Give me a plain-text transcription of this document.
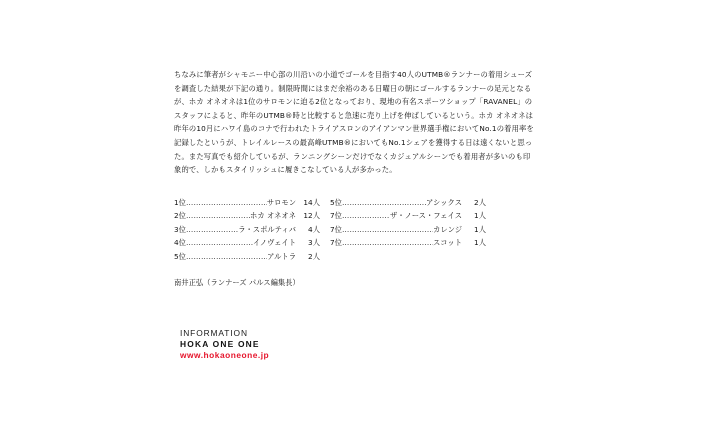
ちなみに筆者がシャモニー中心部の川沿いの小道でゴールを目指す40人のUTMB®ランナーの着用シューズを調査した結果が下記の通り。制限時間にはまだ余裕のある日曜日の朝にゴールするランナーの足元となるが、ホカ オネオネは1位のサロモンに迫る2位となっており、現地の有名スポーツショップ「RAVANEL」のスタッフによると、昨年のUTMB®時と比較すると急速に売り上げを伸ばしているという。ホカ オネオネは昨年の10月にハワイ島のコナで行われたトライアスロンのアイアンマン世界選手権においてNo.1の着用率を記録したというが、トレイルレースの最高峰UTMB®においてもNo.1シェアを獲得する日は遠くないと思った。また写真でも紹介しているが、ランニングシーンだけでなくカジュアルシーンでも着用者が多いのも印象的で、しかもスタイリッシュに履きこなしている人が多かった。

1位 …………………………………………………………	サロモン	14人
2位 …………………………………………………………	ホカ オネオネ	12人
3位 …………………………………………………………	ラ・スポルティバ	4人
4位 …………………………………………………………	イノヴェイト	3人
5位 …………………………………………………………	アルトラ	2人
5位 …………………………………………………………	アシックス	2人
7位 …………………………………………………………	ザ・ノース・フェイス	1人
7位 …………………………………………………………	カレンジ	1人
7位 …………………………………………………………	スコット	1人
南井正弘（ランナーズ パルス編集長）
INFORMATION
HOKA ONE ONE
www.hokaoneone.jp
